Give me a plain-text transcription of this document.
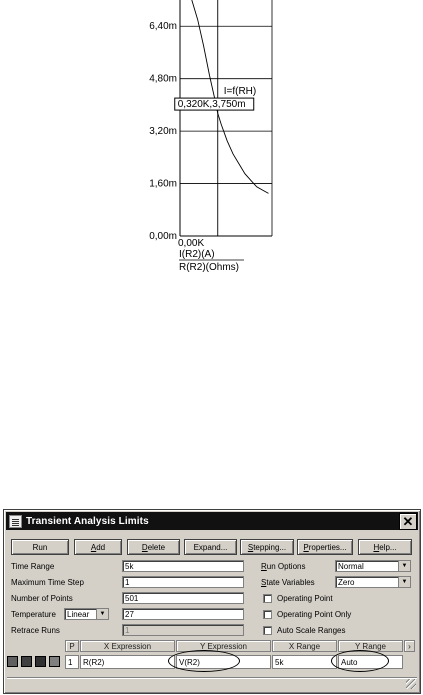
0,00m
1,60m
3,20m
4,80m
6,40m
0,00K
0,320K,3,750m
I=f(RH)
I(R2)(A)
R(R2)(Ohms)
Transient Analysis Limits	✕
Run	A dd	D elete	Expand...	S tepping... P roperties...	H elp...
Time Range	5k
Maximum Time Step	1
Number of Points	501
Temperature	Linear	▼	27
Retrace Runs	1
Run Options	Normal	▼
State Variables	Zero	▼
Operating Point
Operating Point Only
Auto Scale Ranges
P	X Expression	Y Expression	X Range	Y Range	›
1	R(R2)	V(R2)	5k	Auto
